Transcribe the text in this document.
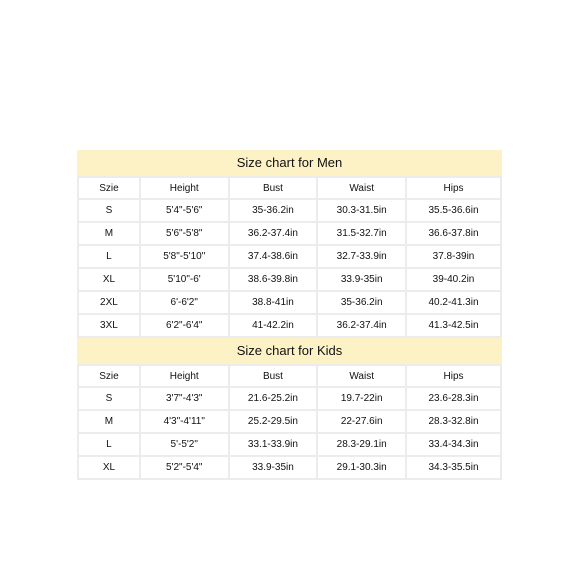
Size chart for Men
Szie	Height	Bust	Waist	Hips
S	5'4"-5'6"	35-36.2in	30.3-31.5in	35.5-36.6in
M	5'6"-5'8"	36.2-37.4in	31.5-32.7in	36.6-37.8in
L	5'8"-5'10"	37.4-38.6in	32.7-33.9in	37.8-39in
XL	5'10"-6'	38.6-39.8in	33.9-35in	39-40.2in
2XL	6'-6'2"	38.8-41in	35-36.2in	40.2-41.3in
3XL	6'2"-6'4"	41-42.2in	36.2-37.4in	41.3-42.5in
Size chart for Kids
Szie	Height	Bust	Waist	Hips
S	3'7"-4'3"	21.6-25.2in	19.7-22in	23.6-28.3in
M	4'3"-4'11"	25.2-29.5in	22-27.6in	28.3-32.8in
L	5'-5'2"	33.1-33.9in	28.3-29.1in	33.4-34.3in
XL	5'2"-5'4"	33.9-35in	29.1-30.3in	34.3-35.5in
